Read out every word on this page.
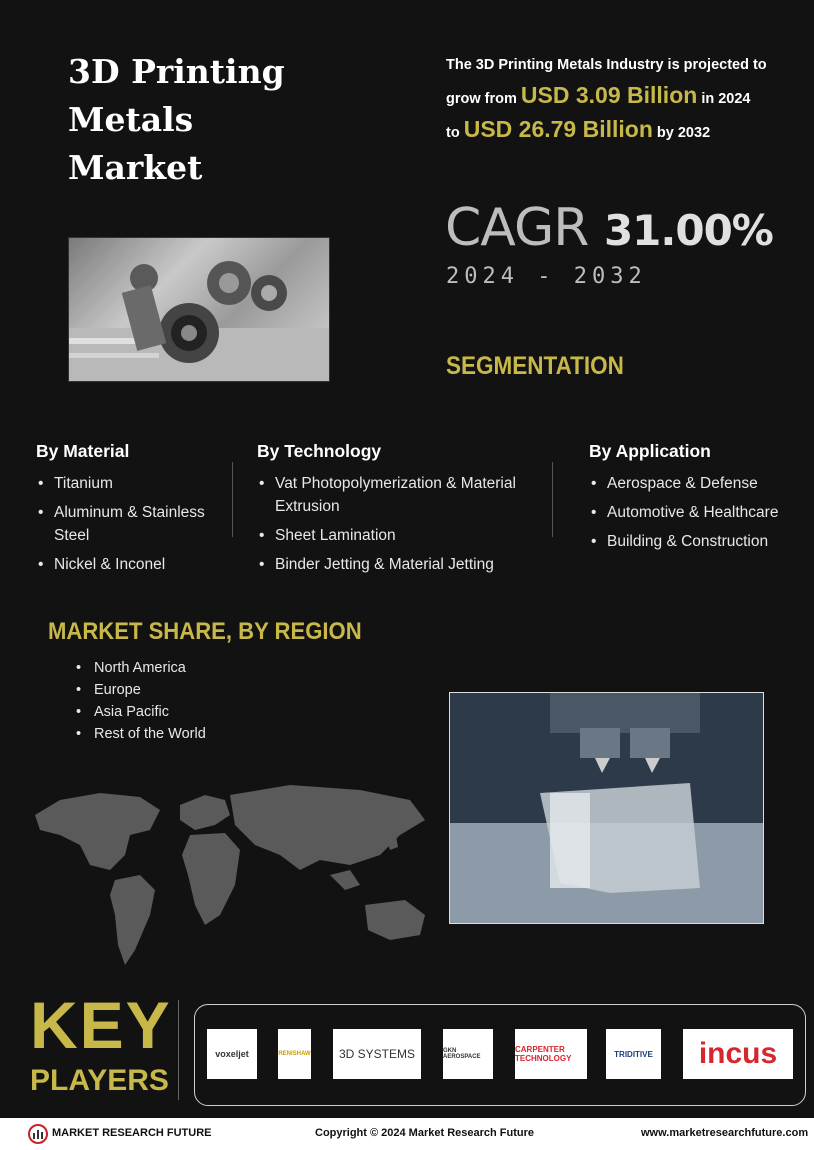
3D Printing
Metals
Market
The 3D Printing Metals Industry is projected to
grow from USD 3.09 Billion in 2024
to USD 26.79 Billion by 2032
CAGR 31.00%
2024 - 2032
SEGMENTATION
By Material
• Titanium
• Aluminum & Stainless Steel
• Nickel & Inconel
By Technology
• Vat Photopolymerization & Material Extrusion
• Sheet Lamination
• Binder Jetting & Material Jetting
By Application
• Aerospace & Defense
• Automotive & Healthcare
• Building & Construction
MARKET SHARE, BY REGION
• North America
• Europe
• Asia Pacific
• Rest of the World
KEY
PLAYERS
voxeljet	RENISHAW	3D SYSTEMS	GKN AEROSPACE
CARPENTER TECHNOLOGY	TRIDITIVE	incus
MARKET RESEARCH FUTURE	Copyright © 2024 Market Research Future	www.marketresearchfuture.com
